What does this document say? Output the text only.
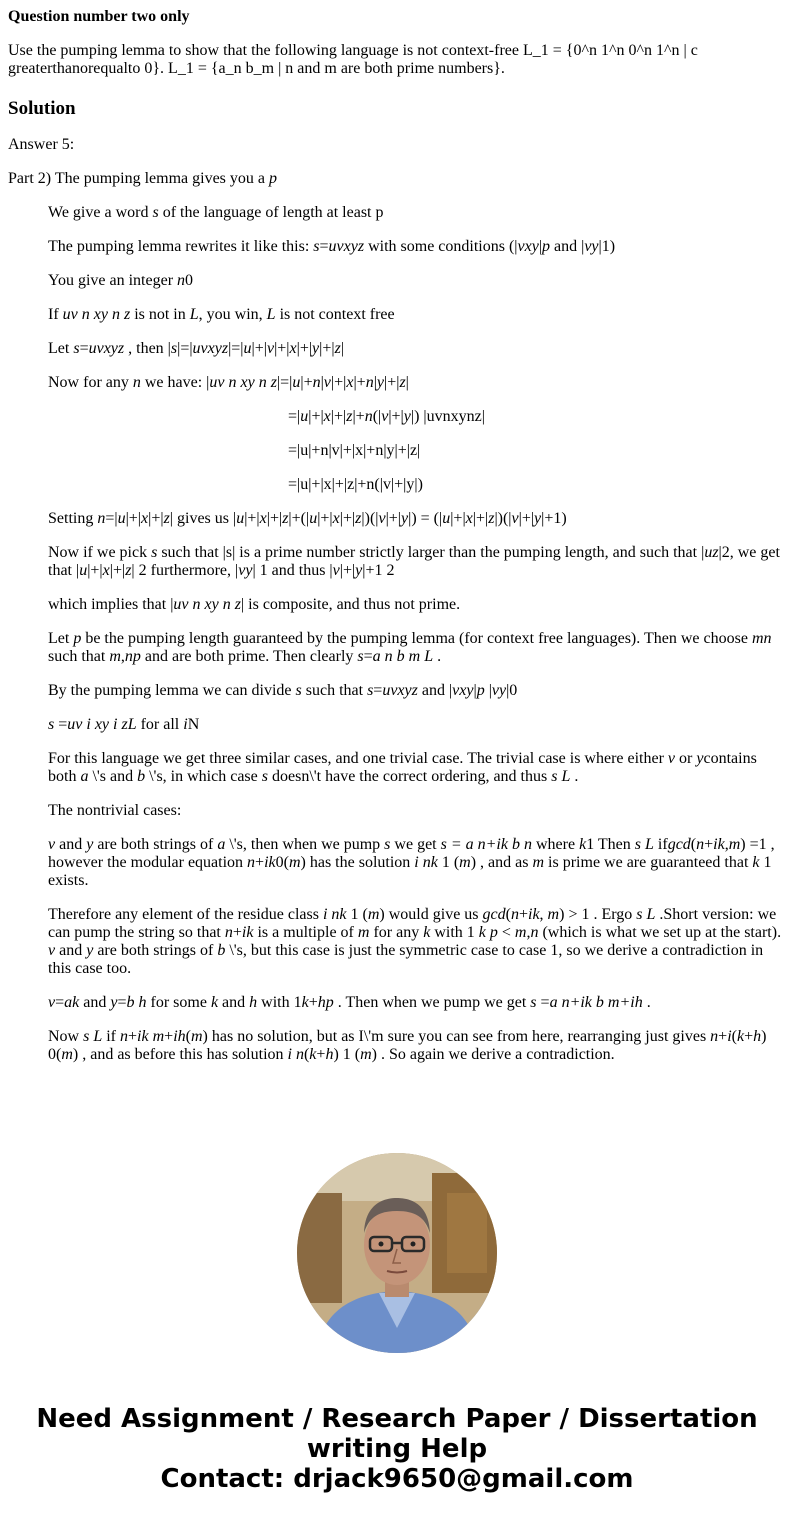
Question number two only

Use the pumping lemma to show that the following language is not context-free L_1 = {0^n 1^n 0^n 1^n | c greaterthanorequalto 0}. L_1 = {a_n b_m | n and m are both prime numbers}.

Solution

Answer 5:

Part 2) The pumping lemma gives you a p

We give a word s of the language of length at least p

The pumping lemma rewrites it like this: s=uvxyz with some conditions (|vxy|p and |vy|1)

You give an integer n0

If uv n xy n z is not in L, you win, L is not context free

Let s=uvxyz , then |s|=|uvxyz|=|u|+|v|+|x|+|y|+|z|

Now for any n we have: |uv n xy n z|=|u|+n|v|+|x|+n|y|+|z|

=|u|+|x|+|z|+n(|v|+|y|) |uvnxynz|

=|u|+n|v|+|x|+n|y|+|z|

=|u|+|x|+|z|+n(|v|+|y|)

Setting n=|u|+|x|+|z| gives us |u|+|x|+|z|+(|u|+|x|+|z|)(|v|+|y|) = (|u|+|x|+|z|)(|v|+|y|+1)

Now if we pick s such that |s| is a prime number strictly larger than the pumping length, and such that |uz|2, we get that |u|+|x|+|z| 2 furthermore, |vy| 1 and thus |v|+|y|+1 2

which implies that |uv n xy n z| is composite, and thus not prime.

Let p be the pumping length guaranteed by the pumping lemma (for context free languages). Then we choose mn such that m,np and are both prime. Then clearly s=a n b m L .

By the pumping lemma we can divide s such that s=uvxyz and |vxy|p |vy|0

s =uv i xy i zL for all iN

For this language we get three similar cases, and one trivial case. The trivial case is where either v or ycontains both a \'s and b \'s, in which case s doesn\'t have the correct ordering, and thus s L .

The nontrivial cases:

v and y are both strings of a \'s, then when we pump s we get s = a n+ik b n where k1 Then s L ifgcd(n+ik,m) =1 , however the modular equation n+ik0(m) has the solution i nk 1 (m) , and as m is prime we are guaranteed that k 1 exists.

Therefore any element of the residue class i nk 1 (m) would give us gcd(n+ik, m) > 1 . Ergo s L .Short version: we can pump the string so that n+ik is a multiple of m for any k with 1 k p < m,n (which is what we set up at the start). v and y are both strings of b \'s, but this case is just the symmetric case to case 1, so we derive a contradiction in this case too.

v=ak and y=b h for some k and h with 1k+hp . Then when we pump we get s =a n+ik b m+ih .

Now s L if n+ik m+ih(m) has no solution, but as I\'m sure you can see from here, rearranging just gives n+i(k+h) 0(m) , and as before this has solution i n(k+h) 1 (m) . So again we derive a contradiction.

Need Assignment / Research Paper / Dissertation
writing Help
Contact: drjack9650@gmail.com
